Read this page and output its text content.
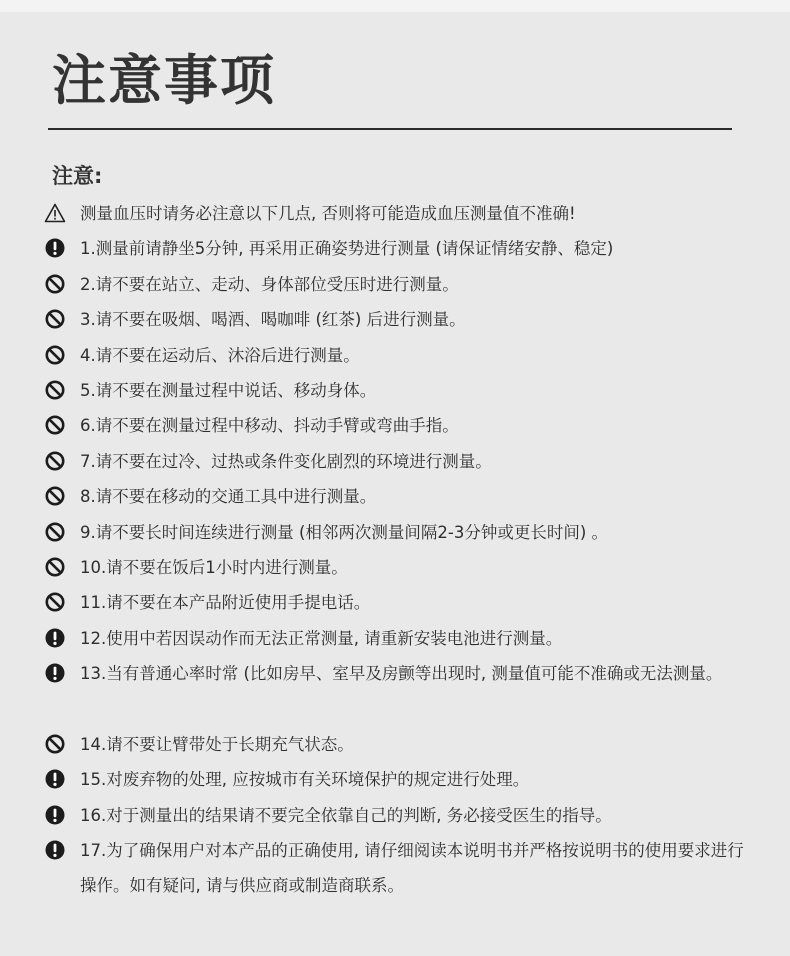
注意事项
注意:
测量血压时请务必注意以下几点, 否则将可能造成血压测量值不准确!
1.测量前请静坐5分钟, 再采用正确姿势进行测量 (请保证情绪安静、稳定)
2.请不要在站立、走动、身体部位受压时进行测量。
3.请不要在吸烟、喝酒、喝咖啡 (红茶) 后进行测量。
4.请不要在运动后、沐浴后进行测量。
5.请不要在测量过程中说话、移动身体。
6.请不要在测量过程中移动、抖动手臂或弯曲手指。
7.请不要在过冷、过热或条件变化剧烈的环境进行测量。
8.请不要在移动的交通工具中进行测量。
9.请不要长时间连续进行测量 (相邻两次测量间隔2-3分钟或更长时间) 。
10.请不要在饭后1小时内进行测量。
11.请不要在本产品附近使用手提电话。
12.使用中若因误动作而无法正常测量, 请重新安装电池进行测量。
13.当有普通心率时常 (比如房早、室早及房颤等出现时, 测量值可能不准确或无法测量。
14.请不要让臂带处于长期充气状态。
15.对废弃物的处理, 应按城市有关环境保护的规定进行处理。
16.对于测量出的结果请不要完全依靠自己的判断, 务必接受医生的指导。
17.为了确保用户对本产品的正确使用, 请仔细阅读本说明书并严格按说明书的使用要求进行操作。如有疑问, 请与供应商或制造商联系。
